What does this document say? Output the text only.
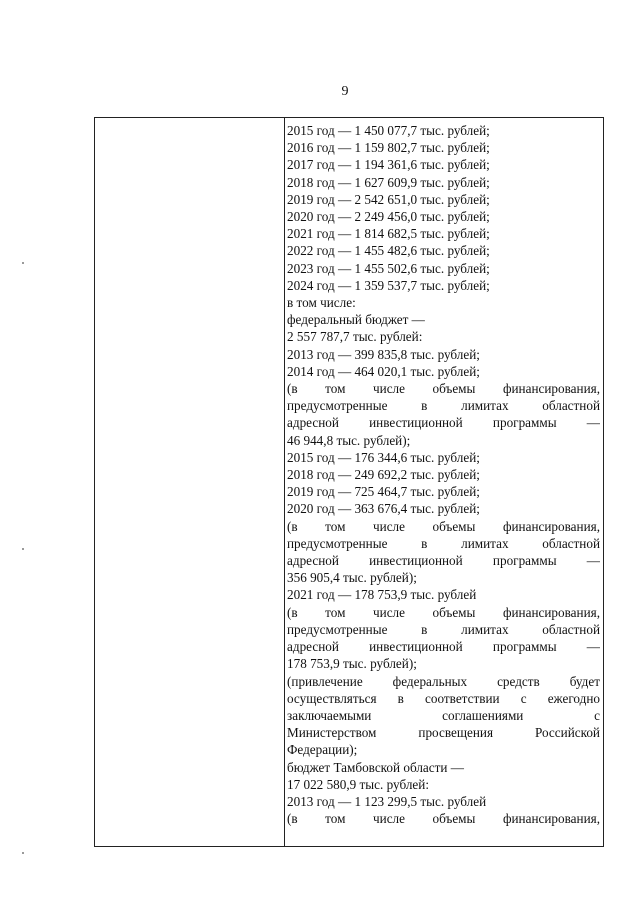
9
2015 год — 1 450 077,7 тыс. рублей;
2016 год — 1 159 802,7 тыс. рублей;
2017 год — 1 194 361,6 тыс. рублей;
2018 год — 1 627 609,9 тыс. рублей;
2019 год — 2 542 651,0 тыс. рублей;
2020 год — 2 249 456,0 тыс. рублей;
2021 год — 1 814 682,5 тыс. рублей;
2022 год — 1 455 482,6 тыс. рублей;
2023 год — 1 455 502,6 тыс. рублей;
2024 год — 1 359 537,7 тыс. рублей;
в том числе:
федеральный бюджет —
2 557 787,7 тыс. рублей:
2013 год — 399 835,8 тыс. рублей;
2014 год — 464 020,1 тыс. рублей;
(в том числе объемы финансирования,
предусмотренные в лимитах областной
адресной инвестиционной программы —
46 944,8 тыс. рублей);
2015 год — 176 344,6 тыс. рублей;
2018 год — 249 692,2 тыс. рублей;
2019 год — 725 464,7 тыс. рублей;
2020 год — 363 676,4 тыс. рублей;
(в том числе объемы финансирования,
предусмотренные в лимитах областной
адресной инвестиционной программы —
356 905,4 тыс. рублей);
2021 год — 178 753,9 тыс. рублей
(в том числе объемы финансирования,
предусмотренные в лимитах областной
адресной инвестиционной программы —
178 753,9 тыс. рублей);
(привлечение федеральных средств будет
осуществляться в соответствии с ежегодно
заключаемыми соглашениями с
Министерством просвещения Российской
Федерации);
бюджет Тамбовской области —
17 022 580,9 тыс. рублей:
2013 год — 1 123 299,5 тыс. рублей
(в том числе объемы финансирования,
